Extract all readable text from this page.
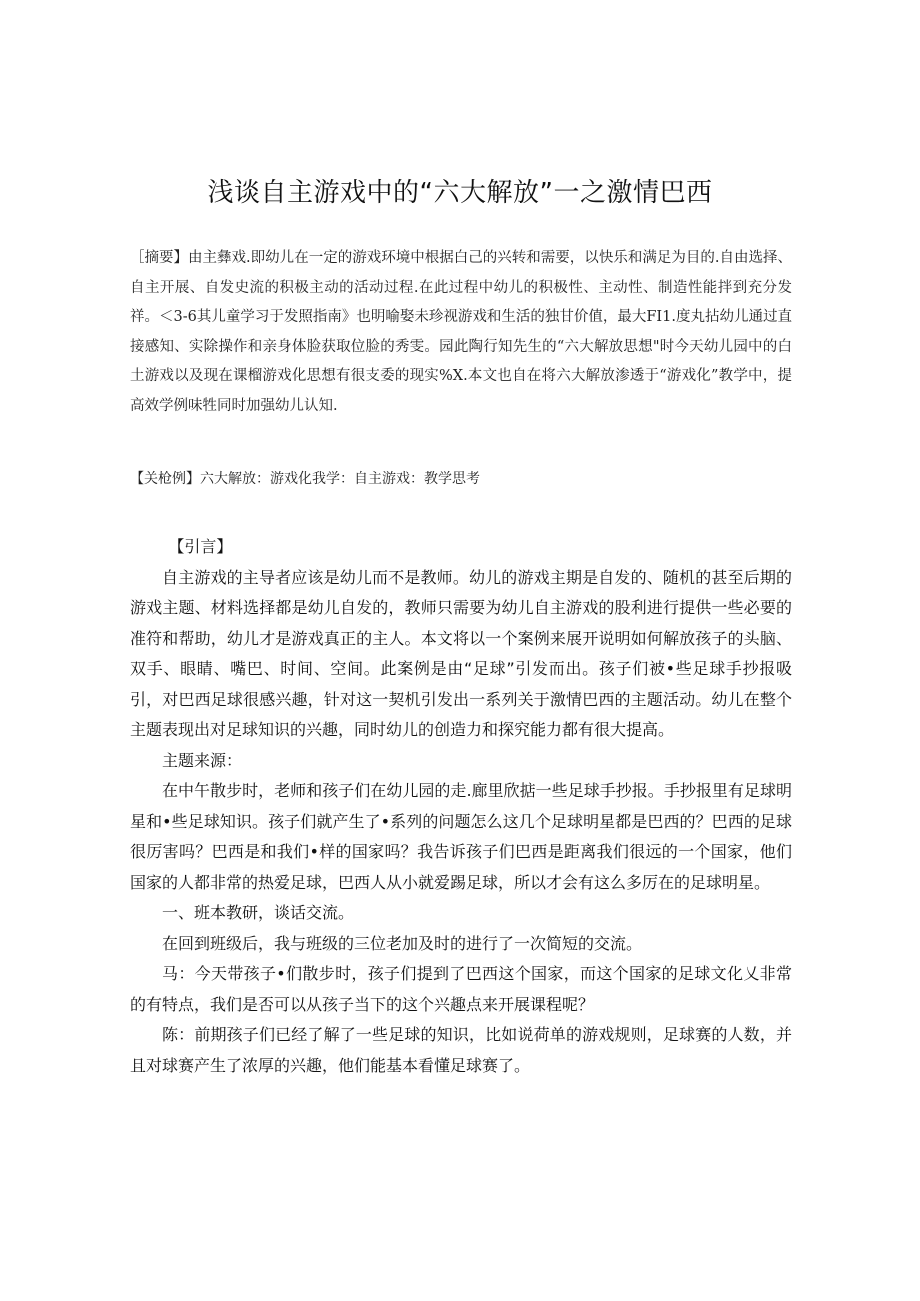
浅谈自主游戏中的“六大解放”一之激情巴西
［摘要】由主彝戏.即幼儿在一定的游戏环境中根据白己的兴转和需要，以快乐和满足为目的.自由选择、自主开展、自发史流的积极主动的活动过程.在此过程中幼儿的积极性、主动性、制造性能拌到充分发祥。＜3-6其儿童学习于发照指南》也明喻娶未珍视游戏和生活的独甘价值，最大FI1.度丸拈幼儿通过直接感知、实除操作和亲身体脸获取位脸的秀雯。园此陶行知先生的“六大解放思想"时今天幼儿园中的白土游戏以及现在课榴游戏化思想有很支委的现实%X.本文也自在将六大解放渗透于“游戏化”教学中，提高效学例味牲同时加强幼儿认知.
【关枪例】六大解放：游戏化我学：自主游戏：教学思考

【引言】

自主游戏的主导者应该是幼儿而不是教师。幼儿的游戏主期是自发的、随机的甚至后期的游戏主题、材料选择都是幼儿自发的，教师只需要为幼儿自主游戏的股利进行提供一些必要的准符和帮助，幼儿才是游戏真正的主人。本文将以一个案例来展开说明如何解放孩子的头脑、双手、眼睛、嘴巴、时间、空间。此案例是由“足球”引发而出。孩子们被•些足球手抄报吸引，对巴西足球很感兴趣，针对这一契机引发出一系列关于激情巴西的主题活动。幼儿在整个主题表现出对足球知识的兴趣，同时幼儿的创造力和探究能力都有很大提高。

主题来源：

在中午散步时，老师和孩子们在幼儿园的走.廊里欣掂一些足球手抄报。手抄报里有足球明星和•些足球知识。孩子们就产生了•系列的问题怎么这几个足球明星都是巴西的？巴西的足球很厉害吗？巴西是和我们•样的国家吗？我告诉孩子们巴西是距离我们很远的一个国家，他们国家的人都非常的热爱足球，巴西人从小就爱踢足球，所以才会有这么多厉在的足球明星。

一、班本教研，谈话交流。

在回到班级后，我与班级的三位老加及时的进行了一次简短的交流。

马：今天带孩子•们散步时，孩子们提到了巴西这个国家，而这个国家的足球文化乂非常的有特点，我们是否可以从孩子当下的这个兴趣点来开展课程呢？

陈：前期孩子们已经了解了一些足球的知识，比如说荷单的游戏规则，足球赛的人数，并且对球赛产生了浓厚的兴趣，他们能基本看懂足球赛了。
